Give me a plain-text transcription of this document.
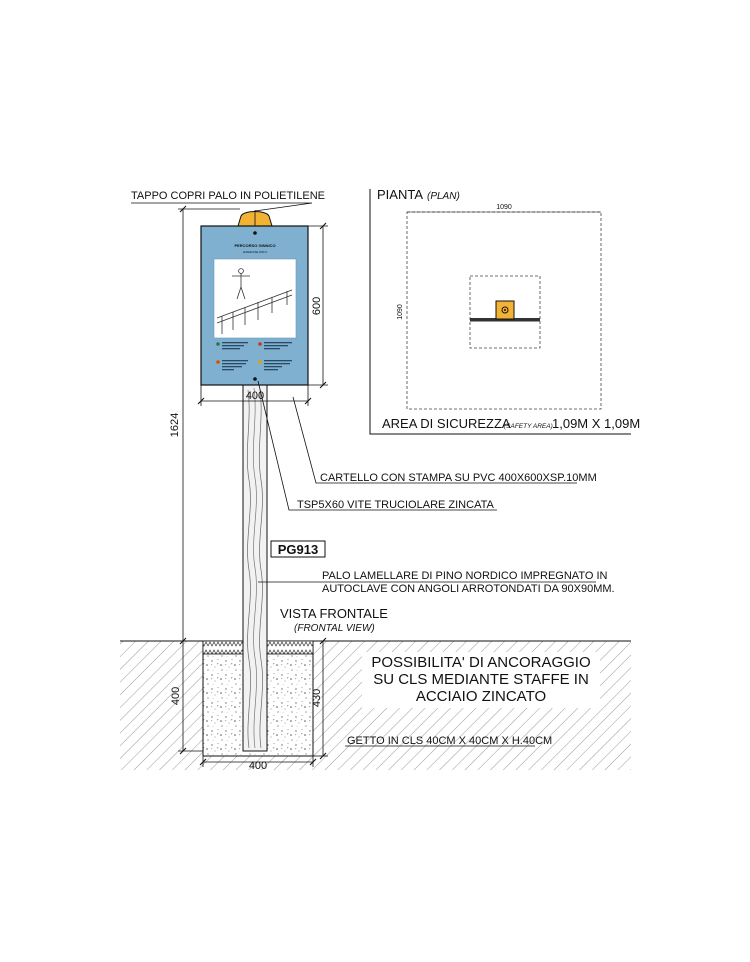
PERCORSO GINNICO
EXERCISE PATH
1624
600
400
400	430
400
TAPPO COPRI PALO IN POLIETILENE
CARTELLO CON STAMPA SU PVC 400X600XSP.10MM
TSP5X60 VITE TRUCIOLARE ZINCATA
PG913
PALO LAMELLARE DI PINO NORDICO IMPREGNATO IN
AUTOCLAVE CON ANGOLI ARROTONDATI DA 90X90MM.
VISTA FRONTALE
(FRONTAL VIEW)
POSSIBILITA' DI ANCORAGGIO
SU CLS MEDIANTE STAFFE IN
ACCIAIO ZINCATO
GETTO IN CLS 40CM X 40CM X H.40CM
PIANTA (PLAN)
1090
1090
AREA DI SICUREZZA
(SAFETY AREA) 1,09M X 1,09M
